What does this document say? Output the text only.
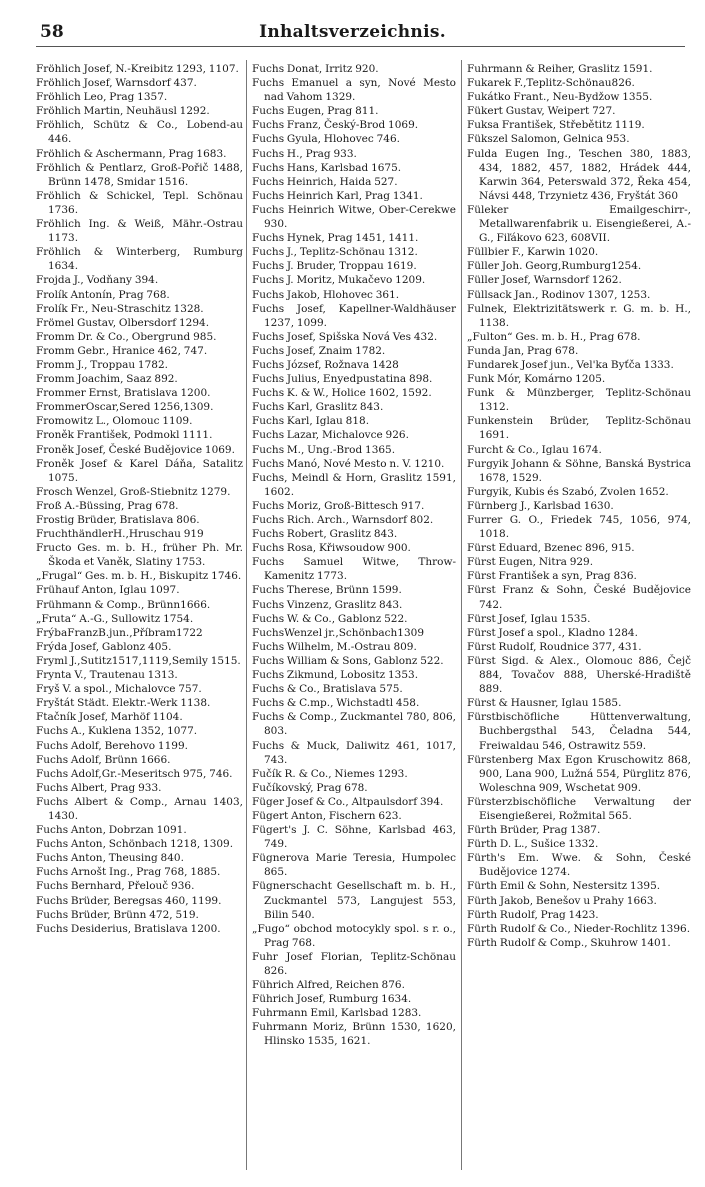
58	Inhaltsverzeichnis.

Fröhlich Josef, N.-Kreibitz 1293, 1107.

Fröhlich Josef, Warnsdorf 437.

Fröhlich Leo, Prag 1357.

Fröhlich Martin, Neuhäusl 1292.

Fröhlich, Schütz & Co., Lobend-au 446.

Fröhlich & Aschermann, Prag 1683.

Fröhlich & Pentlarz, Groß-Pořič 1488, Brünn 1478, Smidar 1516.

Fröhlich & Schickel, Tepl. Schönau 1736.

Fröhlich Ing. & Weiß, Mähr.-Ostrau 1173.

Fröhlich & Winterberg, Rumburg 1634.

Frojda J., Vodňany 394.

Frolík Antonín, Prag 768.

Frolík Fr., Neu-Straschitz 1328.

Frömel Gustav, Olbersdorf 1294.

Fromm Dr. & Co., Obergrund 985.

Fromm Gebr., Hranice 462, 747.

Fromm J., Troppau 1782.

Fromm Joachim, Saaz 892.

Frommer Ernst, Bratislava 1200.

FrommerOscar,Sered 1256,1309.

Fromowitz L., Olomouc 1109.

Froněk František, Podmokl 1111.

Froněk Josef, České Budějovice 1069.

Froněk Josef & Karel Dáňa, Satalitz 1075.

Frosch Wenzel, Groß-Stiebnitz 1279.

Froß A.-Büssing, Prag 678.

Frostig Brüder, Bratislava 806.

FruchthändlerH.,Hruschau 919

Fructo Ges. m. b. H., früher Ph. Mr. Škoda et Vaněk, Slatiny 1753.

„Frugal“ Ges. m. b. H., Biskupitz 1746.

Frühauf Anton, Iglau 1097.

Frühmann & Comp., Brünn1666.

„Fruta“ A.-G., Sullowitz 1754.

FrýbaFranzB.jun.,Příbram1722

Frýda Josef, Gablonz 405.

Fryml J.,Sutitz1517,1119,Semily 1515.

Frynta V., Trautenau 1313.

Fryš V. a spol., Michalovce 757.

Fryštát Städt. Elektr.-Werk 1138.

Ftačník Josef, Marhöf 1104.

Fuchs A., Kuklena 1352, 1077.

Fuchs Adolf, Berehovo 1199.

Fuchs Adolf, Brünn 1666.

Fuchs Adolf,Gr.-Meseritsch 975, 746.

Fuchs Albert, Prag 933.

Fuchs Albert & Comp., Arnau 1403, 1430.

Fuchs Anton, Dobrzan 1091.

Fuchs Anton, Schönbach 1218, 1309.

Fuchs Anton, Theusing 840.

Fuchs Arnošt Ing., Prag 768, 1885.

Fuchs Bernhard, Přelouč 936.

Fuchs Brüder, Beregsas 460, 1199.

Fuchs Brüder, Brünn 472, 519.

Fuchs Desiderius, Bratislava 1200.

Fuchs Donat, Irritz 920.

Fuchs Emanuel a syn, Nové Mesto nad Vahom 1329.

Fuchs Eugen, Prag 811.

Fuchs Franz, Český-Brod 1069.

Fuchs Gyula, Hlohovec 746.

Fuchs H., Prag 933.

Fuchs Hans, Karlsbad 1675.

Fuchs Heinrich, Haida 527.

Fuchs Heinrich Karl, Prag 1341.

Fuchs Heinrich Witwe, Ober-Cerekwe 930.

Fuchs Hynek, Prag 1451, 1411.

Fuchs J., Teplitz-Schönau 1312.

Fuchs J. Bruder, Troppau 1619.

Fuchs J. Moritz, Mukačevo 1209.

Fuchs Jakob, Hlohovec 361.

Fuchs Josef, Kapellner-Waldhäuser 1237, 1099.

Fuchs Josef, Spišska Nová Ves 432.

Fuchs Josef, Znaim 1782.

Fuchs József, Rožnava 1428

Fuchs Julius, Enyedpustatina 898.

Fuchs K. & W., Holice 1602, 1592.

Fuchs Karl, Graslitz 843.

Fuchs Karl, Iglau 818.

Fuchs Lazar, Michalovce 926.

Fuchs M., Ung.-Brod 1365.

Fuchs Manó, Nové Mesto n. V. 1210.

Fuchs, Meindl & Horn, Graslitz 1591, 1602.

Fuchs Moriz, Groß-Bittesch 917.

Fuchs Rich. Arch., Warnsdorf 802.

Fuchs Robert, Graslitz 843.

Fuchs Rosa, Křiwsoudow 900.

Fuchs Samuel Witwe, Throw-Kamenitz 1773.

Fuchs Therese, Brünn 1599.

Fuchs Vinzenz, Graslitz 843.

Fuchs W. & Co., Gablonz 522.

FuchsWenzel jr.,Schönbach1309

Fuchs Wilhelm, M.-Ostrau 809.

Fuchs William & Sons, Gablonz 522.

Fuchs Zikmund, Lobositz 1353.

Fuchs & Co., Bratislava 575.

Fuchs & C.mp., Wichstadtl 458.

Fuchs & Comp., Zuckmantel 780, 806, 803.

Fuchs & Muck, Daliwitz 461, 1017, 743.

Fučík R. & Co., Niemes 1293.

Fučíkovský, Prag 678.

Füger Josef & Co., Altpaulsdorf 394.

Fügert Anton, Fischern 623.

Fügert's J. C. Söhne, Karlsbad 463, 749.

Fügnerova Marie Teresia, Humpolec 865.

Fügnerschacht Gesellschaft m. b. H., Zuckmantel 573, Langujest 553, Bilin 540.

„Fugo“ obchod motocykly spol. s r. o., Prag 768.

Fuhr Josef Florian, Teplitz-Schönau 826.

Führich Alfred, Reichen 876.

Führich Josef, Rumburg 1634.

Fuhrmann Emil, Karlsbad 1283.

Fuhrmann Moriz, Brünn 1530, 1620, Hlinsko 1535, 1621.

Fuhrmann & Reiher, Graslitz 1591.

Fukarek F.,Teplitz-Schönau826.

Fukátko Frant., Neu-Bydžow 1355.

Fükert Gustav, Weipert 727.

Fuksa František, Střebětitz 1119.

Fükszel Salomon, Gelnica 953.

Fulda Eugen Ing., Teschen 380, 1883, 434, 1882, 457, 1882, Hrádek 444, Karwin 364, Peterswald 372, Řeka 454, Návsi 448, Trzynietz 436, Fryštát 360

Füleker Emailgeschirr-, Metallwarenfabrik u. Eisengießerei, A.-G., Fiľákovo 623, 608VII.

Füllbier F., Karwin 1020.

Füller Joh. Georg,Rumburg1254.

Füller Josef, Warnsdorf 1262.

Füllsack Jan., Rodinov 1307, 1253.

Fulnek, Elektrizitätswerk r. G. m. b. H., 1138.

„Fulton“ Ges. m. b. H., Prag 678.

Funda Jan, Prag 678.

Fundarek Josef jun., Vel'ka Byťča 1333.

Funk Mór, Komárno 1205.

Funk & Münzberger, Teplitz-Schönau 1312.

Funkenstein Brüder, Teplitz-Schönau 1691.

Furcht & Co., Iglau 1674.

Furgyik Johann & Söhne, Banská Bystrica 1678, 1529.

Furgyik, Kubis és Szabó, Zvolen 1652.

Fürnberg J., Karlsbad 1630.

Furrer G. O., Friedek 745, 1056, 974, 1018.

Fürst Eduard, Bzenec 896, 915.

Fürst Eugen, Nitra 929.

Fürst František a syn, Prag 836.

Fürst Franz & Sohn, České Budějovice 742.

Fürst Josef, Iglau 1535.

Fürst Josef a spol., Kladno 1284.

Fürst Rudolf, Roudnice 377, 431.

Fürst Sigd. & Alex., Olomouc 886, Čejč 884, Tovačov 888, Uherské-Hradiště 889.

Fürst & Hausner, Iglau 1585.

Fürstbischöfliche Hüttenverwaltung, Buchbergsthal 543, Čeladna 544, Freiwaldau 546, Ostrawitz 559.

Fürstenberg Max Egon Kruschowitz 868, 900, Lana 900, Lužná 554, Pürglitz 876, Woleschna 909, Wschetat 909.

Fürsterzbischöfliche Verwaltung der Eisengießerei, Rožmital 565.

Fürth Brüder, Prag 1387.

Fürth D. L., Sušice 1332.

Fürth's Em. Wwe. & Sohn, České Budějovice 1274.

Fürth Emil & Sohn, Nestersitz 1395.

Fürth Jakob, Benešov u Prahy 1663.

Fürth Rudolf, Prag 1423.

Fürth Rudolf & Co., Nieder-Rochlitz 1396.

Fürth Rudolf & Comp., Skuhrow 1401.
